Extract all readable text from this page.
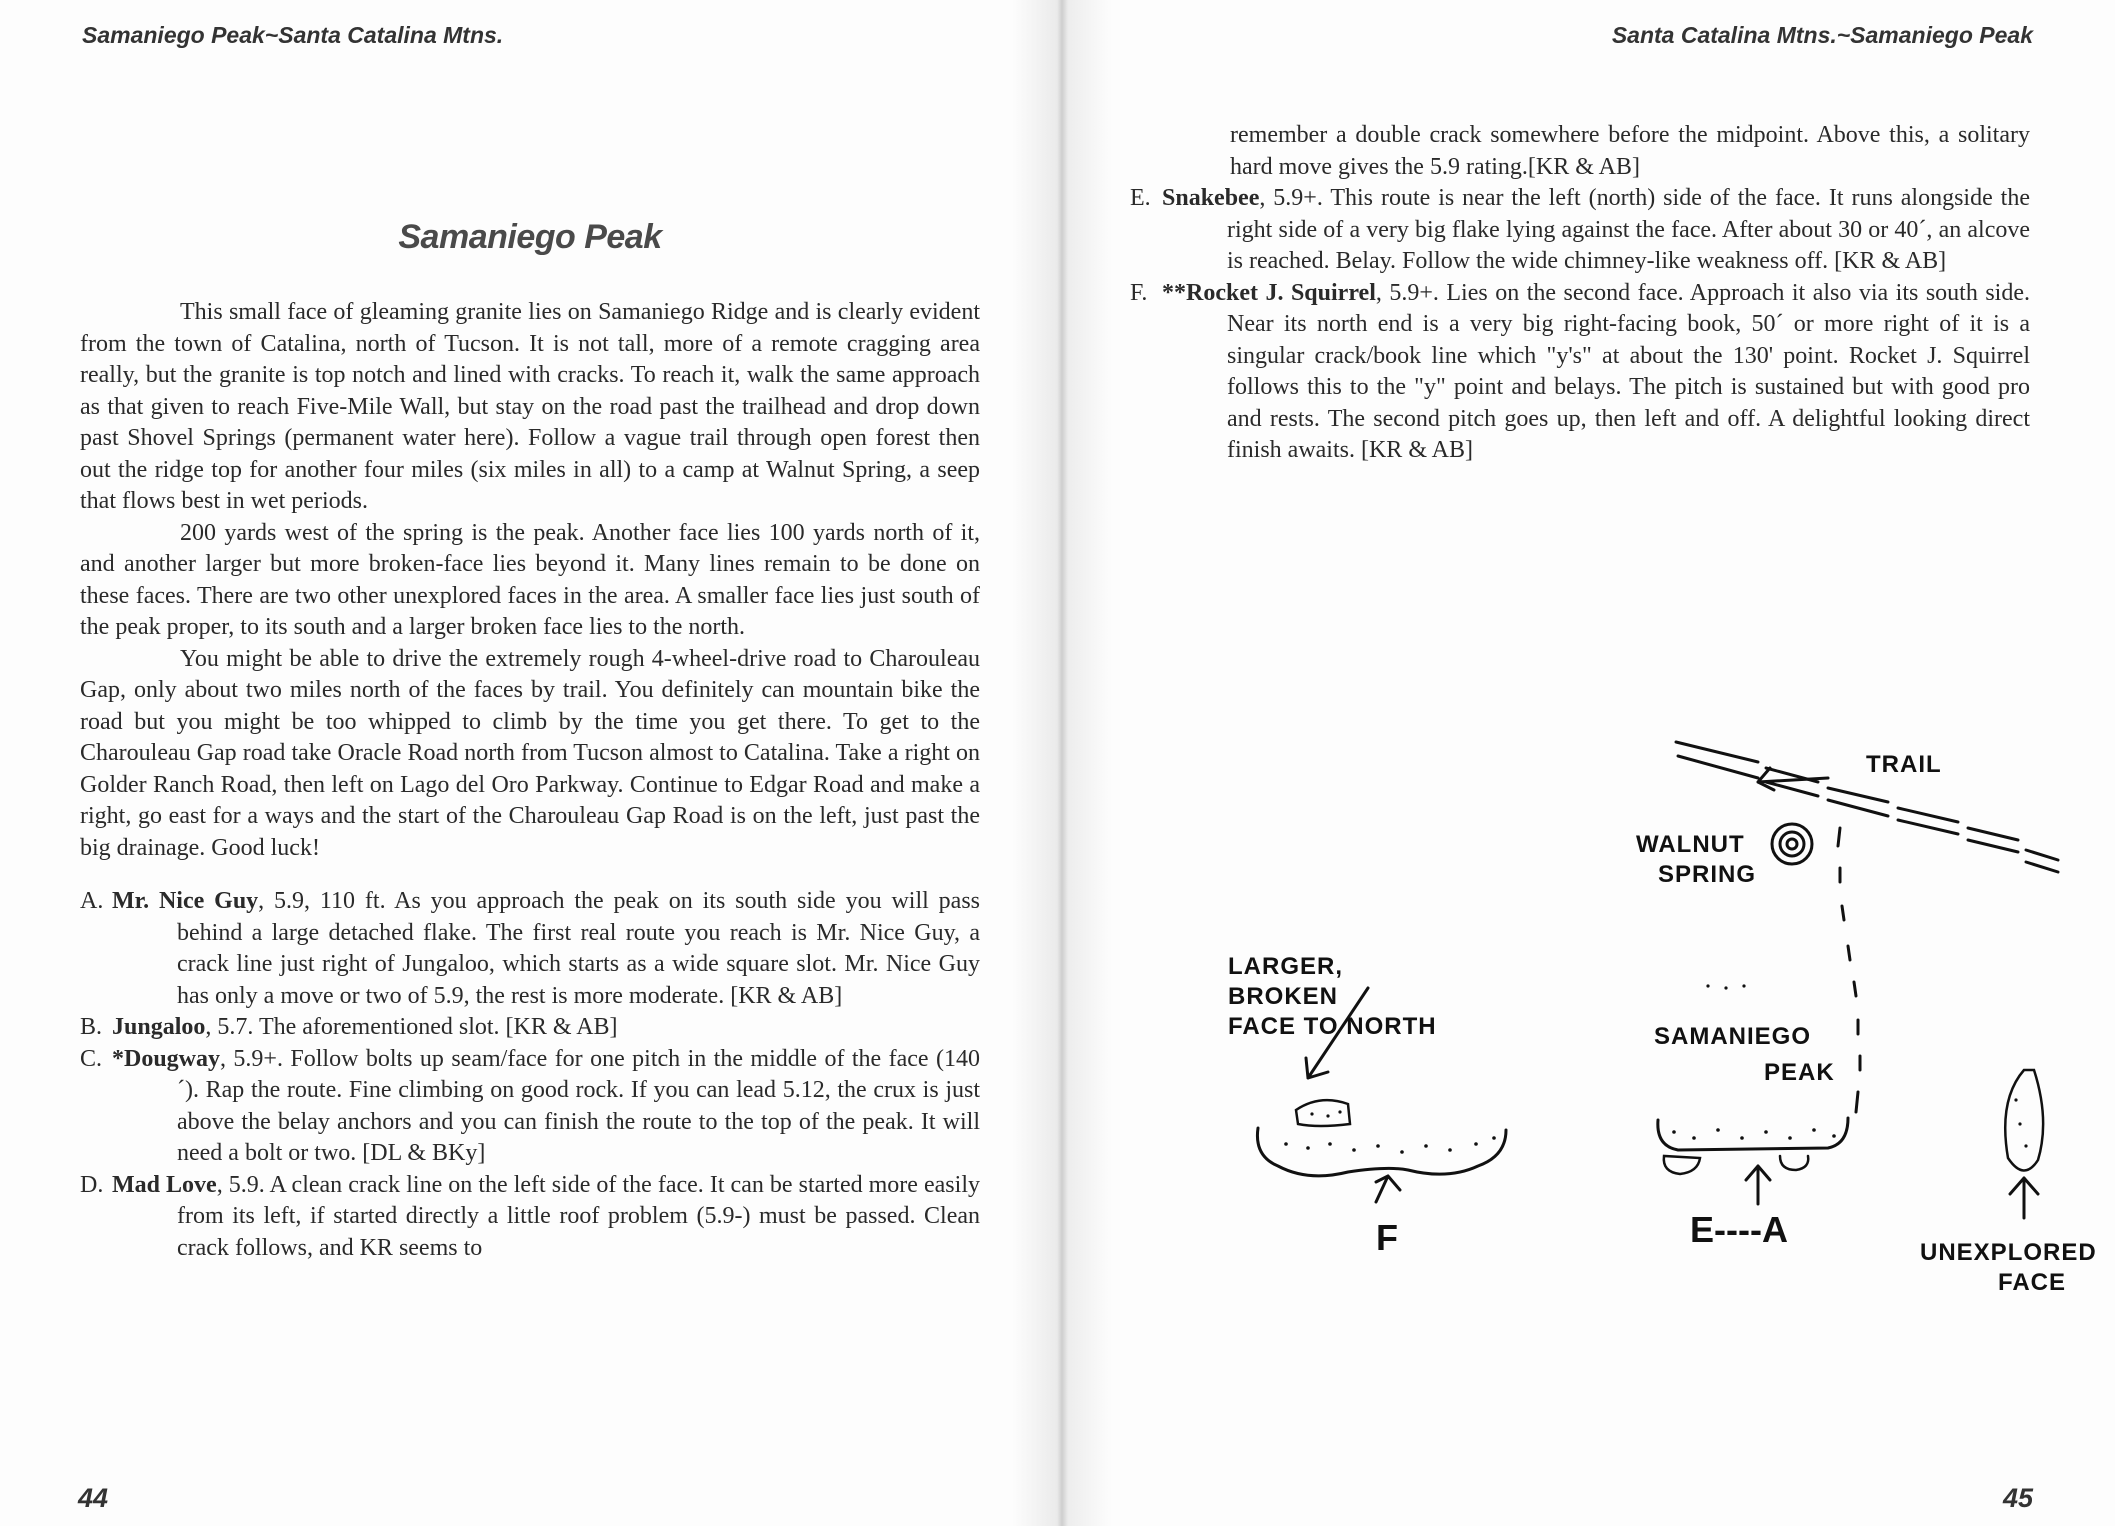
Samaniego Peak~Santa Catalina Mtns.
Samaniego Peak

This small face of gleaming granite lies on Samaniego Ridge and is clearly evident from the town of Catalina, north of Tucson. It is not tall, more of a remote cragging area really, but the granite is top notch and lined with cracks. To reach it, walk the same approach as that given to reach Five-Mile Wall, but stay on the road past the trailhead and drop down past Shovel Springs (permanent water here). Follow a vague trail through open forest then out the ridge top for another four miles (six miles in all) to a camp at Walnut Spring, a seep that flows best in wet periods.

200 yards west of the spring is the peak. Another face lies 100 yards north of it, and another larger but more broken-face lies beyond it. Many lines remain to be done on these faces. There are two other unexplored faces in the area. A smaller face lies just south of the peak proper, to its south and a larger broken face lies to the north.

You might be able to drive the extremely rough 4-wheel-drive road to Charouleau Gap, only about two miles north of the faces by trail. You definitely can mountain bike the road but you might be too whipped to climb by the time you get there. To get to the Charouleau Gap road take Oracle Road north from Tucson almost to Catalina. Take a right on Golder Ranch Road, then left on Lago del Oro Parkway. Continue to Edgar Road and make a right, go east for a ways and the start of the Charouleau Gap Road is on the left, just past the big drainage. Good luck!

A. Mr. Nice Guy, 5.9, 110 ft. As you approach the peak on its south side you will pass behind a large detached flake. The first real route you reach is Mr. Nice Guy, a crack line just right of Jungaloo, which starts as a wide square slot. Mr. Nice Guy has only a move or two of 5.9, the rest is more moderate. [KR & AB]
B. Jungaloo, 5.7. The aforementioned slot. [KR & AB]
C. *Dougway, 5.9+. Follow bolts up seam/face for one pitch in the middle of the face (140´). Rap the route. Fine climbing on good rock. If you can lead 5.12, the crux is just above the belay anchors and you can finish the route to the top of the peak. It will need a bolt or two. [DL & BKy]
D. Mad Love, 5.9. A clean crack line on the left side of the face. It can be started more easily from its left, if started directly a little roof problem (5.9-) must be passed. Clean crack follows, and KR seems to
44
Santa Catalina Mtns.~Samaniego Peak

remember a double crack somewhere before the midpoint. Above this, a solitary hard move gives the 5.9 rating.[KR & AB]

E. Snakebee, 5.9+. This route is near the left (north) side of the face. It runs alongside the right side of a very big flake lying against the face. After about 30 or 40´, an alcove is reached. Belay. Follow the wide chimney-like weakness off. [KR & AB]
F. **Rocket J. Squirrel, 5.9+. Lies on the second face. Approach it also via its south side. Near its north end is a very big right-facing book, 50´ or more right of it is a singular crack/book line which "y's" at about the 130' point. Rocket J. Squirrel follows this to the "y" point and belays. The pitch is sustained but with good pro and rests. The second pitch goes up, then left and off. A delightful looking direct finish awaits. [KR & AB]
TRAIL
WALNUT
SPRING
LARGER,
BROKEN
FACE TO NORTH	SAMANIEGO
PEAK
F	E----A
UNEXPLORED
FACE
45
